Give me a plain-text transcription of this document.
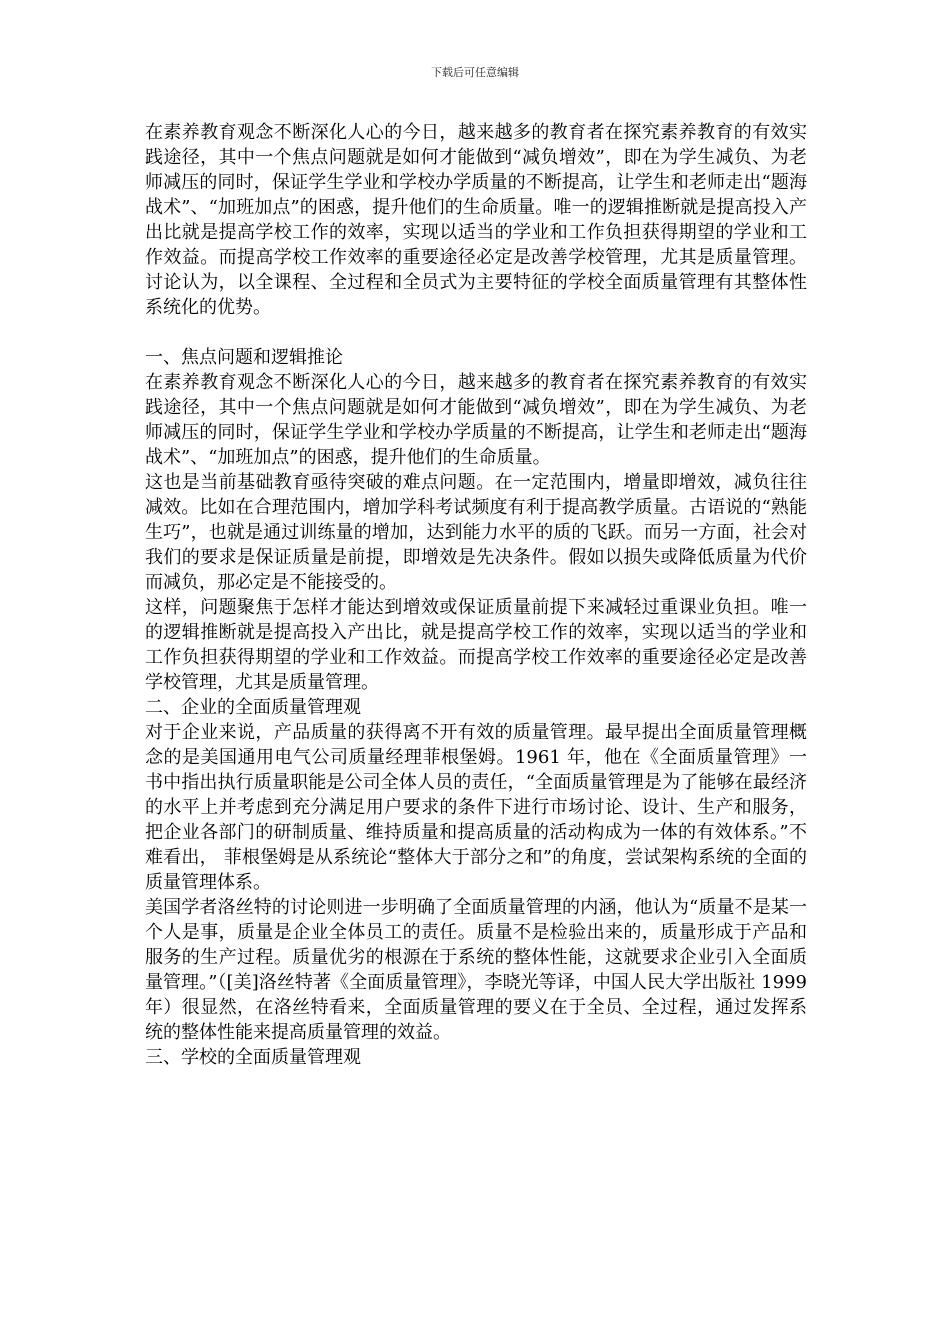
下载后可任意编辑

在素养教育观念不断深化人心的今日，越来越多的教育者在探究素养教育的有效实践途径，其中一个焦点问题就是如何才能做到“减负增效”，即在为学生减负、为老师减压的同时，保证学生学业和学校办学质量的不断提高，让学生和老师走出“题海战术”、“加班加点”的困惑，提升他们的生命质量。唯一的逻辑推断就是提高投入产出比就是提高学校工作的效率，实现以适当的学业和工作负担获得期望的学业和工作效益。而提高学校工作效率的重要途径必定是改善学校管理，尤其是质量管理。讨论认为，以全课程、全过程和全员式为主要特征的学校全面质量管理有其整体性系统化的优势。

一、焦点问题和逻辑推论

在素养教育观念不断深化人心的今日，越来越多的教育者在探究素养教育的有效实践途径，其中一个焦点问题就是如何才能做到“减负增效”，即在为学生减负、为老师减压的同时，保证学生学业和学校办学质量的不断提高，让学生和老师走出“题海战术”、“加班加点”的困惑，提升他们的生命质量。

这也是当前基础教育亟待突破的难点问题。在一定范围内，增量即增效，减负往往减效。比如在合理范围内，增加学科考试频度有利于提高教学质量。古语说的“熟能生巧”，也就是通过训练量的增加，达到能力水平的质的飞跃。而另一方面，社会对我们的要求是保证质量是前提，即增效是先决条件。假如以损失或降低质量为代价而减负，那必定是不能接受的。

这样，问题聚焦于怎样才能达到增效或保证质量前提下来减轻过重课业负担。唯一的逻辑推断就是提高投入产出比，就是提高学校工作的效率，实现以适当的学业和工作负担获得期望的学业和工作效益。而提高学校工作效率的重要途径必定是改善学校管理，尤其是质量管理。

二、企业的全面质量管理观

对于企业来说，产品质量的获得离不开有效的质量管理。最早提出全面质量管理概念的是美国通用电气公司质量经理菲根堡姆。1961 年，他在《全面质量管理》一书中指出执行质量职能是公司全体人员的责任，“全面质量管理是为了能够在最经济的水平上并考虑到充分满足用户要求的条件下进行市场讨论、设计、生产和服务，把企业各部门的研制质量、维持质量和提高质量的活动构成为一体的有效体系。”不难看出， 菲根堡姆是从系统论“整体大于部分之和”的角度，尝试架构系统的全面的质量管理体系。

美国学者洛丝特的讨论则进一步明确了全面质量管理的内涵，他认为“质量不是某一个人是事，质量是企业全体员工的责任。质量不是检验出来的，质量形成于产品和服务的生产过程。质量优劣的根源在于系统的整体性能，这就要求企业引入全面质量管理。”（[美]洛丝特著《全面质量管理》，李晓光等译，中国人民大学出版社 1999 年）很显然，在洛丝特看来，全面质量管理的要义在于全员、全过程，通过发挥系统的整体性能来提高质量管理的效益。

三、学校的全面质量管理观
